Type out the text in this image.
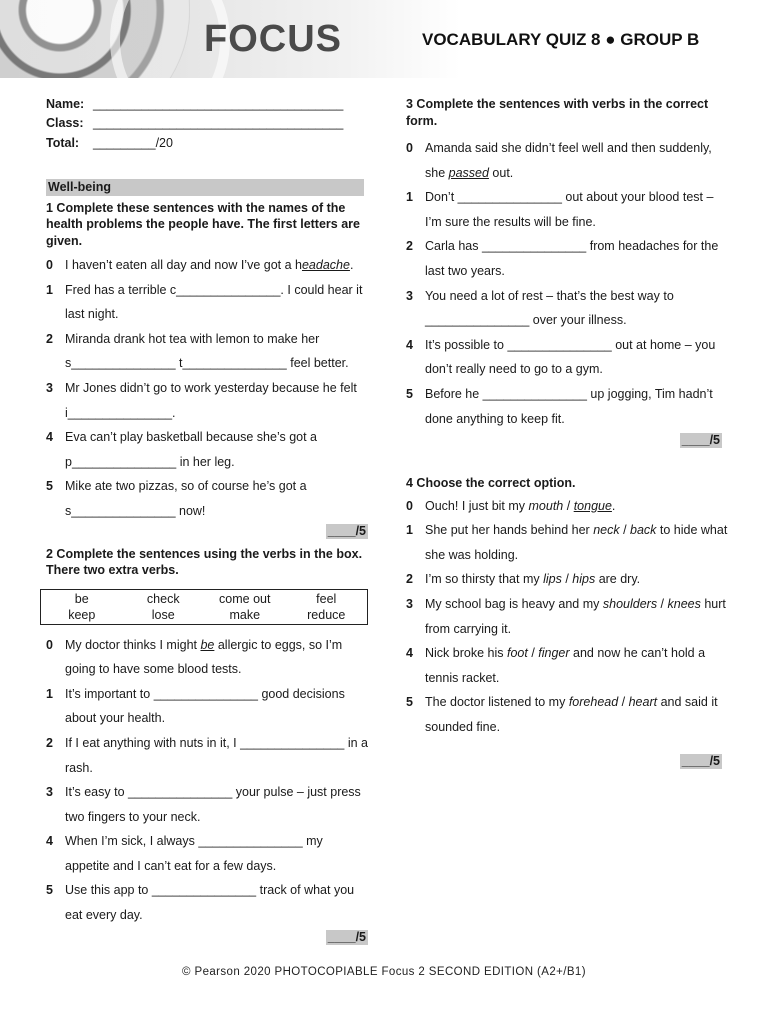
FOCUS	VOCABULARY QUIZ 8 ● GROUP B
Name: ____________________________________
Class: ____________________________________
Total:	_________/20
Well-being
1 Complete these sentences with the names of the health problems the people have. The first letters are given.
0 I haven’t eaten all day and now I’ve got a headache.
1 Fred has a terrible c_______________. I could hear it last night.
2 Miranda drank hot tea with lemon to make her s_______________ t_______________ feel better.
3 Mr Jones didn’t go to work yesterday because he felt i_______________.
4 Eva can’t play basketball because she’s got a p_______________ in her leg.
5 Mike ate two pizzas, so of course he’s got a s_______________ now!
____/5
2 Complete the sentences using the verbs in the box. There two extra verbs.
be	check	come out	feel
keep	lose	make	reduce
0 My doctor thinks I might be allergic to eggs, so I’m going to have some blood tests.
1 It’s important to _______________ good decisions about your health.
2 If I eat anything with nuts in it, I _______________ in a rash.
3 It’s easy to _______________ your pulse – just press two fingers to your neck.
4 When I’m sick, I always _______________ my appetite and I can’t eat for a few days.
5 Use this app to _______________ track of what you eat every day.
____/5
3 Complete the sentences with verbs in the correct form.
0 Amanda said she didn’t feel well and then suddenly, she passed out.
1 Don’t _______________ out about your blood test – I’m sure the results will be fine.
2 Carla has _______________ from headaches for the last two years.
3 You need a lot of rest – that’s the best way to _______________ over your illness.
4 It’s possible to _______________ out at home – you don’t really need to go to a gym.
5 Before he _______________ up jogging, Tim hadn’t done anything to keep fit.
____/5
4 Choose the correct option.
0 Ouch! I just bit my mouth / tongue.
1 She put her hands behind her neck / back to hide what she was holding.
2 I’m so thirsty that my lips / hips are dry.
3 My school bag is heavy and my shoulders / knees hurt from carrying it.
4 Nick broke his foot / finger and now he can’t hold a tennis racket.
5 The doctor listened to my forehead / heart and said it sounded fine.
____/5
© Pearson 2020 PHOTOCOPIABLE Focus 2 SECOND EDITION (A2+/B1)
